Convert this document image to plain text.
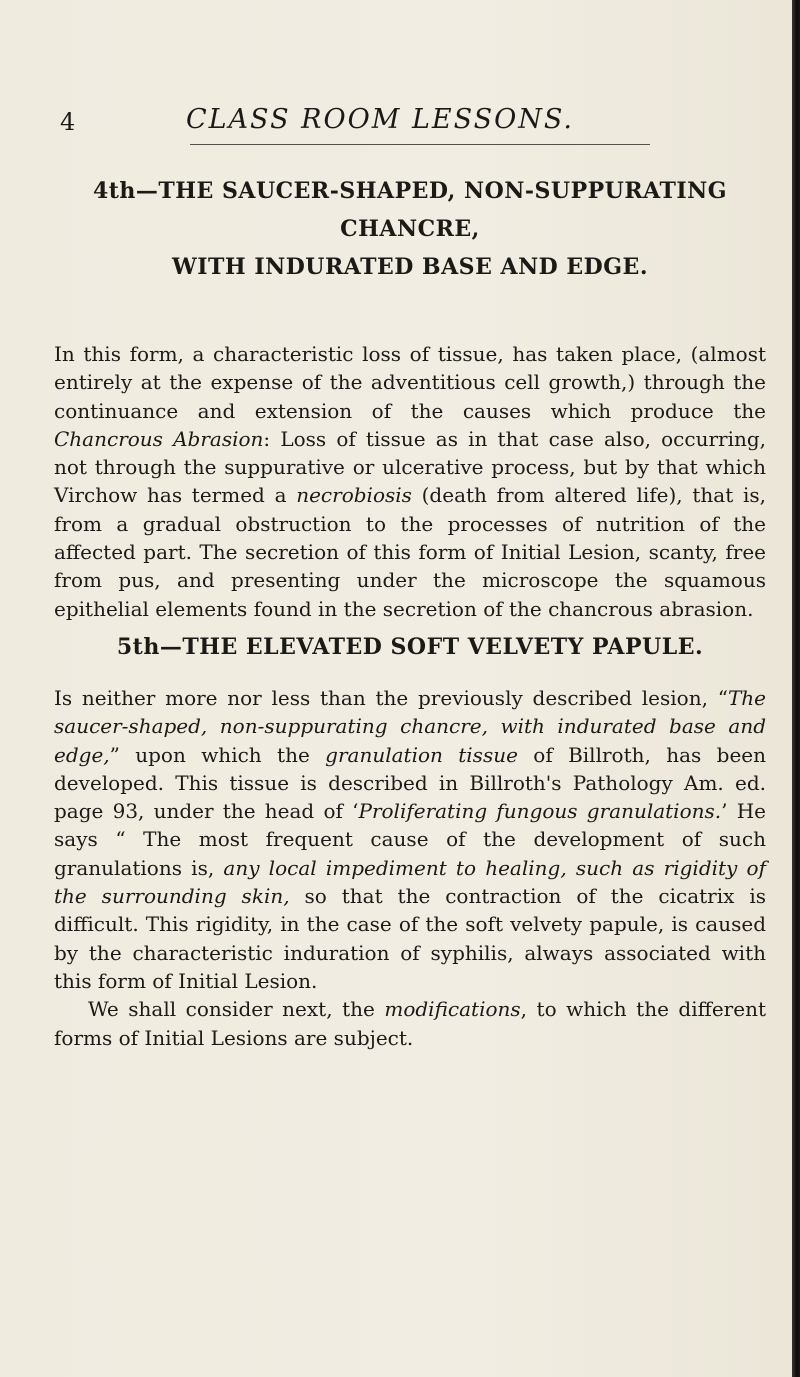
4	CLASS ROOM LESSONS.
4th—THE SAUCER-SHAPED, NON-SUPPURATING
CHANCRE,
WITH INDURATED BASE AND EDGE.

In this form, a characteristic loss of tissue, has taken place, (almost entirely at the expense of the adventitious cell growth,) through the continuance and extension of the causes which produce the Chancrous Abrasion: Loss of tissue as in that case also, occurring, not through the suppurative or ulcerative process, but by that which Virchow has termed a necrobiosis (death from altered life), that is, from a gradual obstruction to the processes of nutrition of the affected part. The secretion of this form of Initial Lesion, scanty, free from pus, and presenting under the microscope the squamous epithelial elements found in the secretion of the chancrous abrasion.

5th—THE ELEVATED SOFT VELVETY PAPULE.

Is neither more nor less than the previously described lesion, “The saucer-shaped, non-suppurating chancre, with indurated base and edge,” upon which the granulation tissue of Billroth, has been developed. This tissue is described in Billroth's Pathology Am. ed. page 93, under the head of ‘Proliferating fungous granulations.’ He says “ The most frequent cause of the development of such granulations is, any local impediment to healing, such as rigidity of the surrounding skin, so that the contraction of the cicatrix is difficult. This rigidity, in the case of the soft velvety papule, is caused by the characteristic induration of syphilis, always associated with this form of Initial Lesion.

We shall consider next, the modifications, to which the different forms of Initial Lesions are subject.
